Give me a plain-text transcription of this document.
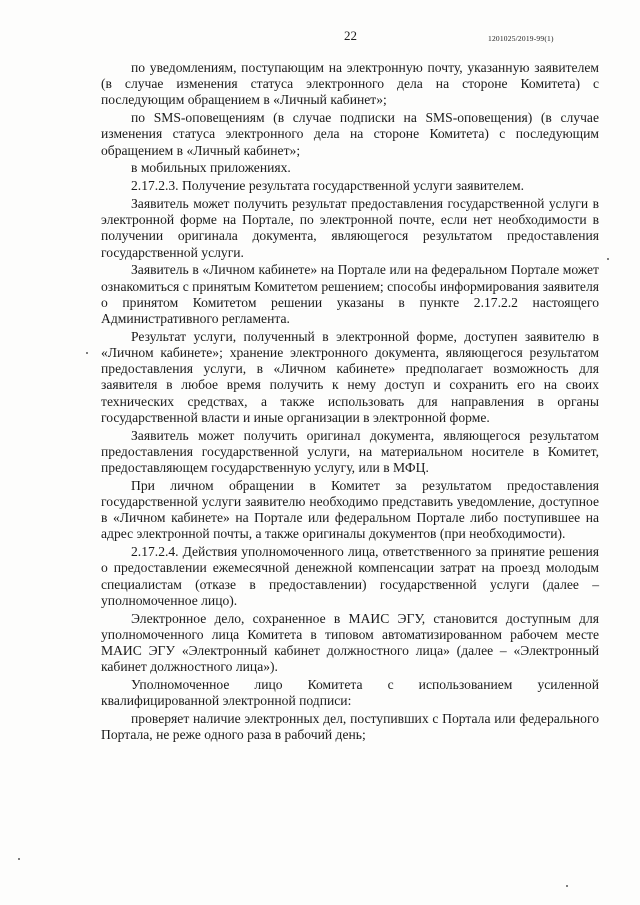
22	1201025/2019-99(1)

по уведомлениям, поступающим на электронную почту, указанную заявителем (в случае изменения статуса электронного дела на стороне Комитета) с последующим обращением в «Личный кабинет»;

по SMS-оповещениям (в случае подписки на SMS-оповещения) (в случае изменения статуса электронного дела на стороне Комитета) с последующим обращением в «Личный кабинет»;

в мобильных приложениях.

2.17.2.3. Получение результата государственной услуги заявителем.

Заявитель может получить результат предоставления государственной услуги в электронной форме на Портале, по электронной почте, если нет необходимости в получении оригинала документа, являющегося результатом предоставления государственной услуги.

Заявитель в «Личном кабинете» на Портале или на федеральном Портале может ознакомиться с принятым Комитетом решением; способы информирования заявителя о принятом Комитетом решении указаны в пункте 2.17.2.2 настоящего Административного регламента.

Результат услуги, полученный в электронной форме, доступен заявителю в «Личном кабинете»; хранение электронного документа, являющегося результатом предоставления услуги, в «Личном кабинете» предполагает возможность для заявителя в любое время получить к нему доступ и сохранить его на своих технических средствах, а также использовать для направления в органы государственной власти и иные организации в электронной форме.

Заявитель может получить оригинал документа, являющегося результатом предоставления государственной услуги, на материальном носителе в Комитет, предоставляющем государственную услугу, или в МФЦ.

При личном обращении в Комитет за результатом предоставления государственной услуги заявителю необходимо представить уведомление, доступное в «Личном кабинете» на Портале или федеральном Портале либо поступившее на адрес электронной почты, а также оригиналы документов (при необходимости).

2.17.2.4. Действия уполномоченного лица, ответственного за принятие решения о предоставлении ежемесячной денежной компенсации затрат на проезд молодым специалистам (отказе в предоставлении) государственной услуги (далее – уполномоченное лицо).

Электронное дело, сохраненное в МАИС ЭГУ, становится доступным для уполномоченного лица Комитета в типовом автоматизированном рабочем месте МАИС ЭГУ «Электронный кабинет должностного лица» (далее – «Электронный кабинет должностного лица»).

Уполномоченное лицо Комитета с использованием усиленной квалифицированной электронной подписи:

проверяет наличие электронных дел, поступивших с Портала или федерального Портала, не реже одного раза в рабочий день;
